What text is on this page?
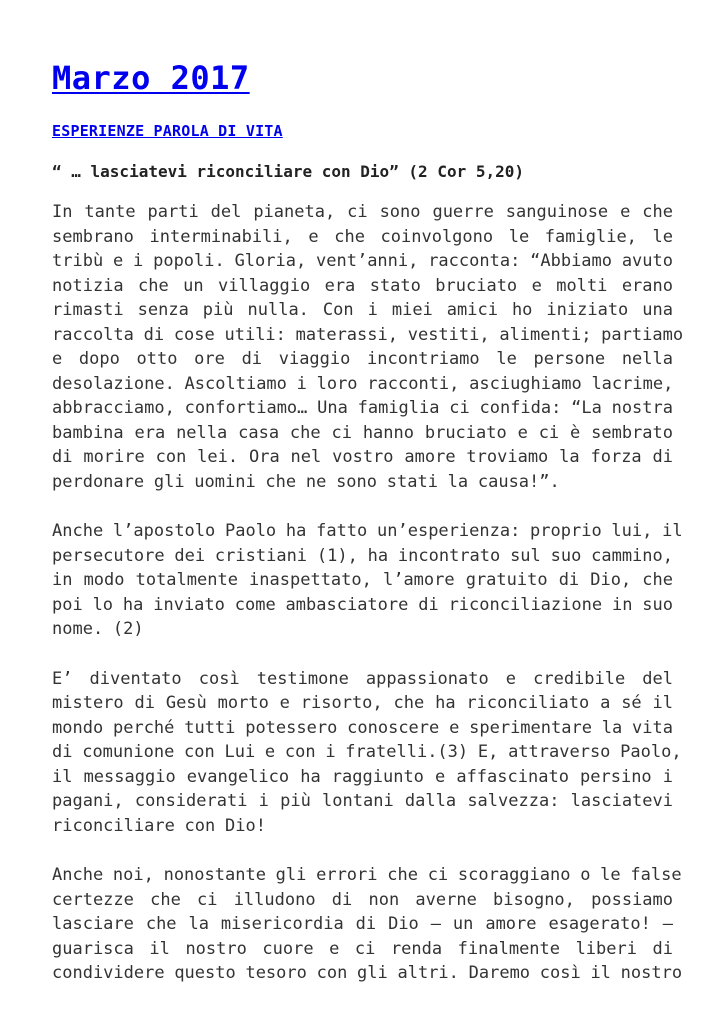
Marzo 2017
ESPERIENZE PAROLA DI VITA
“ … lasciatevi riconciliare con Dio” (2 Cor 5,20)

In tante parti del pianeta, ci sono guerre sanguinose e che
sembrano interminabili, e che coinvolgono le famiglie, le
tribù e i popoli. Gloria, vent’anni, racconta: “Abbiamo avuto
notizia che un villaggio era stato bruciato e molti erano
rimasti senza più nulla. Con i miei amici ho iniziato una
raccolta di cose utili: materassi, vestiti, alimenti; partiamo
e dopo otto ore di viaggio incontriamo le persone nella
desolazione. Ascoltiamo i loro racconti, asciughiamo lacrime,
abbracciamo, confortiamo… Una famiglia ci confida: “La nostra
bambina era nella casa che ci hanno bruciato e ci è sembrato
di morire con lei. Ora nel vostro amore troviamo la forza di
perdonare gli uomini che ne sono stati la causa!”.

Anche l’apostolo Paolo ha fatto un’esperienza: proprio lui, il
persecutore dei cristiani (1), ha incontrato sul suo cammino,
in modo totalmente inaspettato, l’amore gratuito di Dio, che
poi lo ha inviato come ambasciatore di riconciliazione in suo
nome. (2)

E’ diventato così testimone appassionato e credibile del
mistero di Gesù morto e risorto, che ha riconciliato a sé il
mondo perché tutti potessero conoscere e sperimentare la vita
di comunione con Lui e con i fratelli.(3) E, attraverso Paolo,
il messaggio evangelico ha raggiunto e affascinato persino i
pagani, considerati i più lontani dalla salvezza: lasciatevi
riconciliare con Dio!

Anche noi, nonostante gli errori che ci scoraggiano o le false
certezze che ci illudono di non averne bisogno, possiamo
lasciare che la misericordia di Dio – un amore esagerato! –
guarisca il nostro cuore e ci renda finalmente liberi di
condividere questo tesoro con gli altri. Daremo così il nostro
